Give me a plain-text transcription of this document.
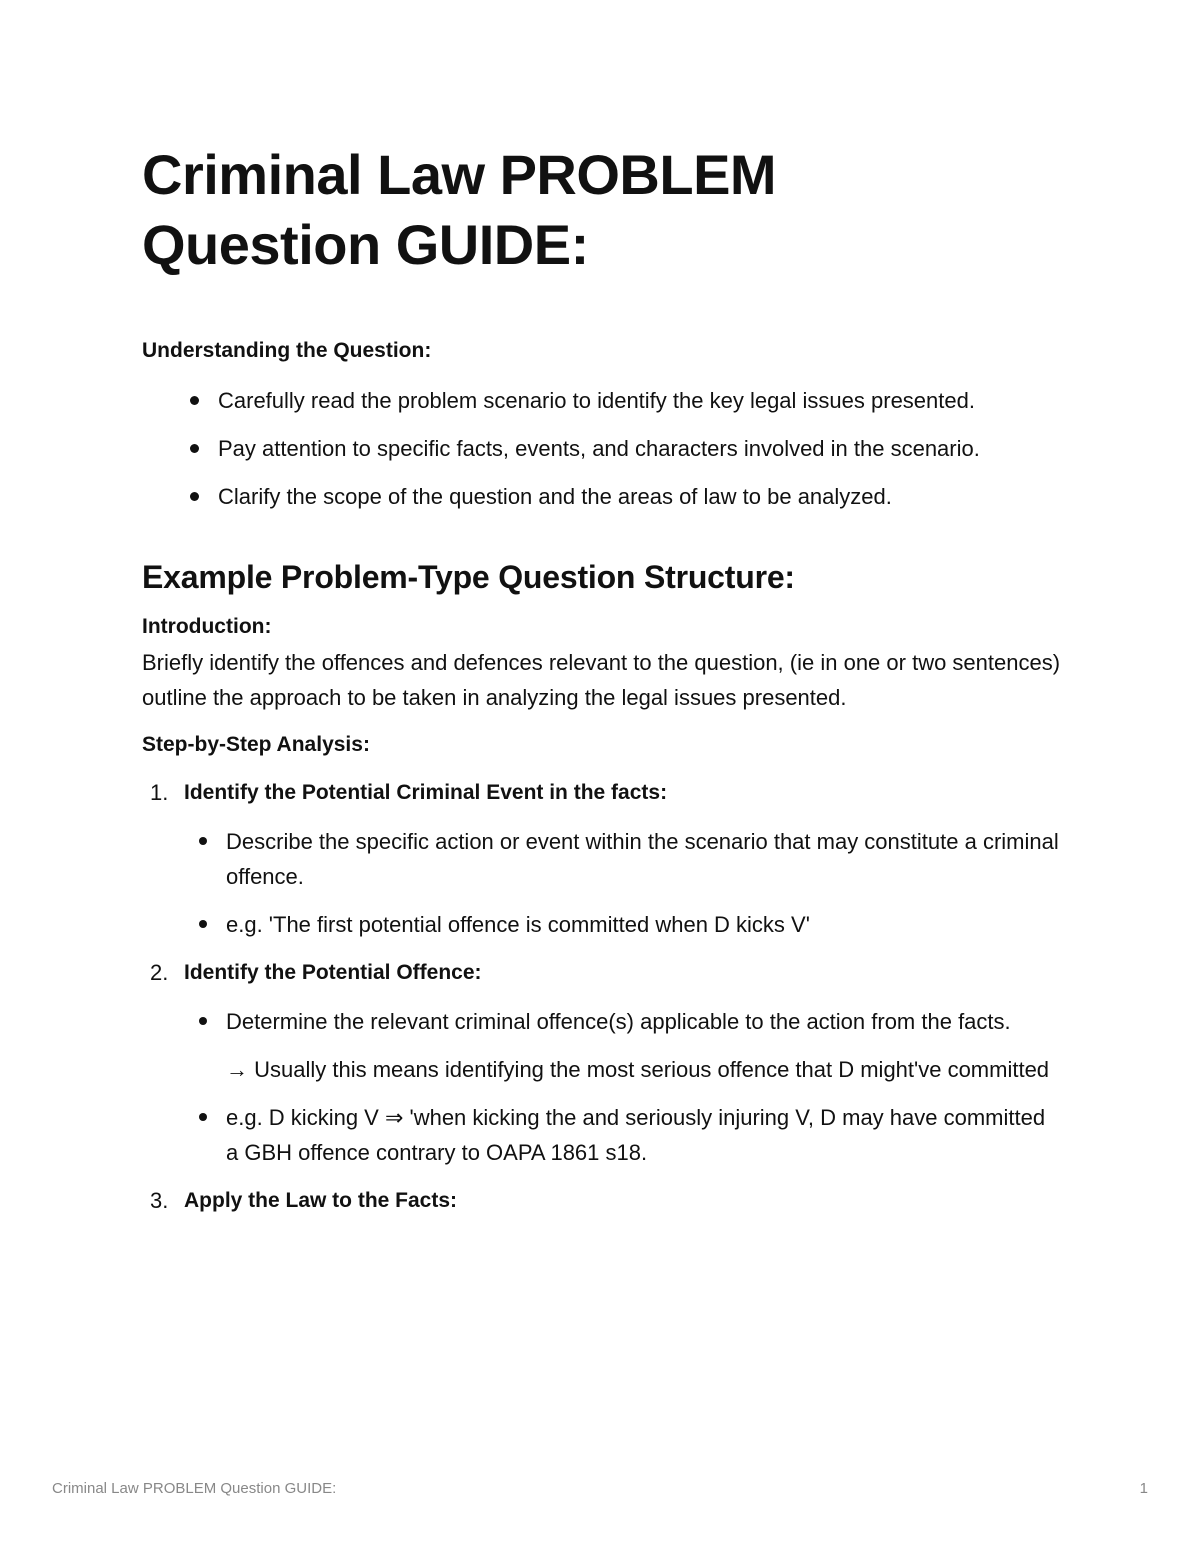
Criminal Law PROBLEM
Question GUIDE:

Understanding the Question:

Carefully read the problem scenario to identify the key legal issues presented.
Pay attention to specific facts, events, and characters involved in the scenario.
Clarify the scope of the question and the areas of law to be analyzed.
Example Problem-Type Question Structure:

Introduction:

Briefly identify the offences and defences relevant to the question, (ie in one or two sentences) outline the approach to be taken in analyzing the legal issues presented.

Step-by-Step Analysis:

1. Identify the Potential Criminal Event in the facts:
Describe the specific action or event within the scenario that may constitute a criminal offence.
e.g. 'The first potential offence is committed when D kicks V'
2. Identify the Potential Offence:
Determine the relevant criminal offence(s) applicable to the action from the facts.
→ Usually this means identifying the most serious offence that D might've committed
e.g. D kicking V ⇒ 'when kicking the and seriously injuring V, D may have committed a GBH offence contrary to OAPA 1861 s18.
3. Apply the Law to the Facts:
Criminal Law PROBLEM Question GUIDE:	1
